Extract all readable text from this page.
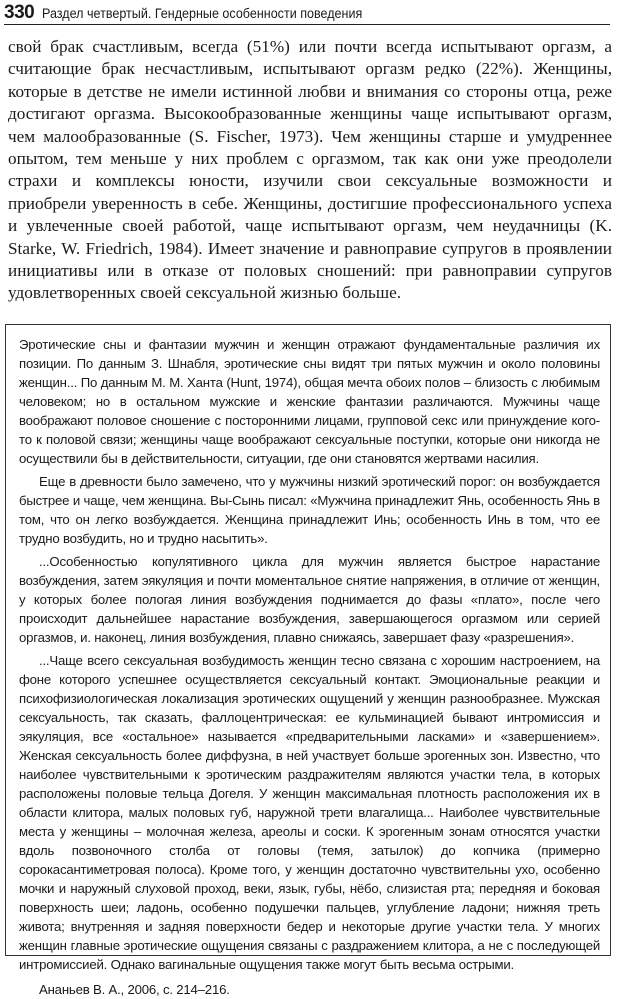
330 Раздел четвертый. Гендерные особенности поведения

свой брак счастливым, всегда (51%) или почти всегда испытывают оргазм, а считающие брак несчастливым, испытывают оргазм редко (22%). Женщины, которые в детстве не имели истинной любви и внимания со стороны отца, реже достигают оргазма. Высокообразованные женщины чаще испытывают оргазм, чем малообразованные (S. Fischer, 1973). Чем женщины старше и умудреннее опытом, тем меньше у них проблем с оргазмом, так как они уже преодолели страхи и комплексы юности, изучили свои сексуальные возможности и приобрели уверенность в себе. Женщины, достигшие профессионального успеха и увлеченные своей работой, чаще испытывают оргазм, чем неудачницы (K. Starke, W. Friedrich, 1984). Имеет значение и равноправие супругов в проявлении инициативы или в отказе от половых сношений: при равноправии супругов удовлетворенных своей сексуальной жизнью больше.

Эротические сны и фантазии мужчин и женщин отражают фундаментальные различия их позиции. По данным З. Шнабля, эротические сны видят три пятых мужчин и около половины женщин... По данным М. М. Ханта (Hunt, 1974), общая мечта обоих полов – близость с любимым человеком; но в остальном мужские и женские фантазии различаются. Мужчины чаще воображают половое сношение с посторонними лицами, групповой секс или принуждение кого-то к половой связи; женщины чаще воображают сексуальные поступки, которые они никогда не осуществили бы в действительности, ситуации, где они становятся жертвами насилия.

Еще в древности было замечено, что у мужчины низкий эротический порог: он возбуждается быстрее и чаще, чем женщина. Вы-Сынь писал: «Мужчина принадлежит Янь, особенность Янь в том, что он легко возбуждается. Женщина принадлежит Инь; особенность Инь в том, что ее трудно возбудить, но и трудно насытить».

...Особенностью копулятивного цикла для мужчин является быстрое нарастание возбуждения, затем эякуляция и почти моментальное снятие напряжения, в отличие от женщин, у которых более пологая линия возбуждения поднимается до фазы «плато», после чего происходит дальнейшее нарастание возбуждения, завершающегося оргазмом или серией оргазмов, и. наконец, линия возбуждения, плавно снижаясь, завершает фазу «разрешения».

...Чаще всего сексуальная возбудимость женщин тесно связана с хорошим настроением, на фоне которого успешнее осуществляется сексуальный контакт. Эмоциональные реакции и психофизиологическая локализация эротических ощущений у женщин разнообразнее. Мужская сексуальность, так сказать, фаллоцентрическая: ее кульминацией бывают интромиссия и эякуляция, все «остальное» называется «предварительными ласками» и «завершением». Женская сексуальность более диффузна, в ней участвует больше эрогенных зон. Известно, что наиболее чувствительными к эротическим раздражителям являются участки тела, в которых расположены половые тельца Догеля. У женщин максимальная плотность расположения их в области клитора, малых половых губ, наружной трети влагалища... Наиболее чувствительные места у женщины – молочная железа, ареолы и соски. К эрогенным зонам относятся участки вдоль позвоночного столба от головы (темя, затылок) до копчика (примерно сорокасантиметровая полоса). Кроме того, у женщин достаточно чувствительны ухо, особенно мочки и наружный слуховой проход, веки, язык, губы, нёбо, слизистая рта; передняя и боковая поверхность шеи; ладонь, особенно подушечки пальцев, углубление ладони; нижняя треть живота; внутренняя и задняя поверхности бедер и некоторые другие участки тела. У многих женщин главные эротические ощущения связаны с раздражением клитора, а не с последующей интромиссией. Однако вагинальные ощущения также могут быть весьма острыми.

Ананьев В. А., 2006, с. 214–216.
